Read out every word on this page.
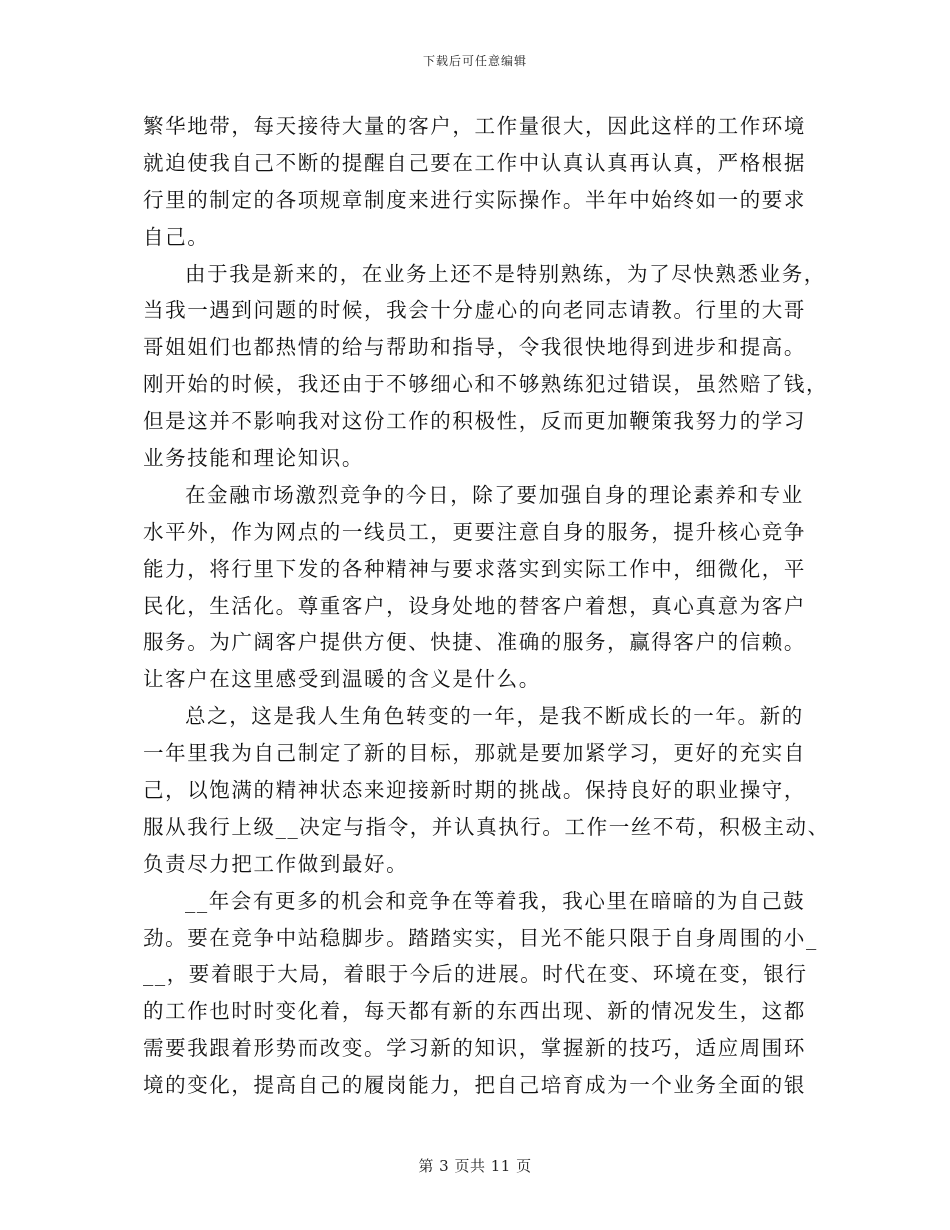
下载后可任意编辑
繁华地带，每天接待大量的客户，工作量很大，因此这样的工作环境
就迫使我自己不断的提醒自己要在工作中认真认真再认真，严格根据
行里的制定的各项规章制度来进行实际操作。半年中始终如一的要求
自己。
由于我是新来的，在业务上还不是特别熟练，为了尽快熟悉业务，
当我一遇到问题的时候，我会十分虚心的向老同志请教。行里的大哥
哥姐姐们也都热情的给与帮助和指导，令我很快地得到进步和提高。
刚开始的时候，我还由于不够细心和不够熟练犯过错误，虽然赔了钱，
但是这并不影响我对这份工作的积极性，反而更加鞭策我努力的学习
业务技能和理论知识。
在金融市场激烈竞争的今日，除了要加强自身的理论素养和专业
水平外，作为网点的一线员工，更要注意自身的服务，提升核心竞争
能力，将行里下发的各种精神与要求落实到实际工作中，细微化，平
民化，生活化。尊重客户，设身处地的替客户着想，真心真意为客户
服务。为广阔客户提供方便、快捷、准确的服务，赢得客户的信赖。
让客户在这里感受到温暖的含义是什么。
总之，这是我人生角色转变的一年，是我不断成长的一年。新的
一年里我为自己制定了新的目标，那就是要加紧学习，更好的充实自
己，以饱满的精神状态来迎接新时期的挑战。保持良好的职业操守，
服从我行上级__决定与指令，并认真执行。工作一丝不苟，积极主动、
负责尽力把工作做到最好。
__年会有更多的机会和竞争在等着我，我心里在暗暗的为自己鼓
劲。要在竞争中站稳脚步。踏踏实实，目光不能只限于自身周围的小_
__，要着眼于大局，着眼于今后的进展。时代在变、环境在变，银行
的工作也时时变化着，每天都有新的东西出现、新的情况发生，这都
需要我跟着形势而改变。学习新的知识，掌握新的技巧，适应周围环
境的变化，提高自己的履岗能力，把自己培育成为一个业务全面的银
第 3 页共 11 页
